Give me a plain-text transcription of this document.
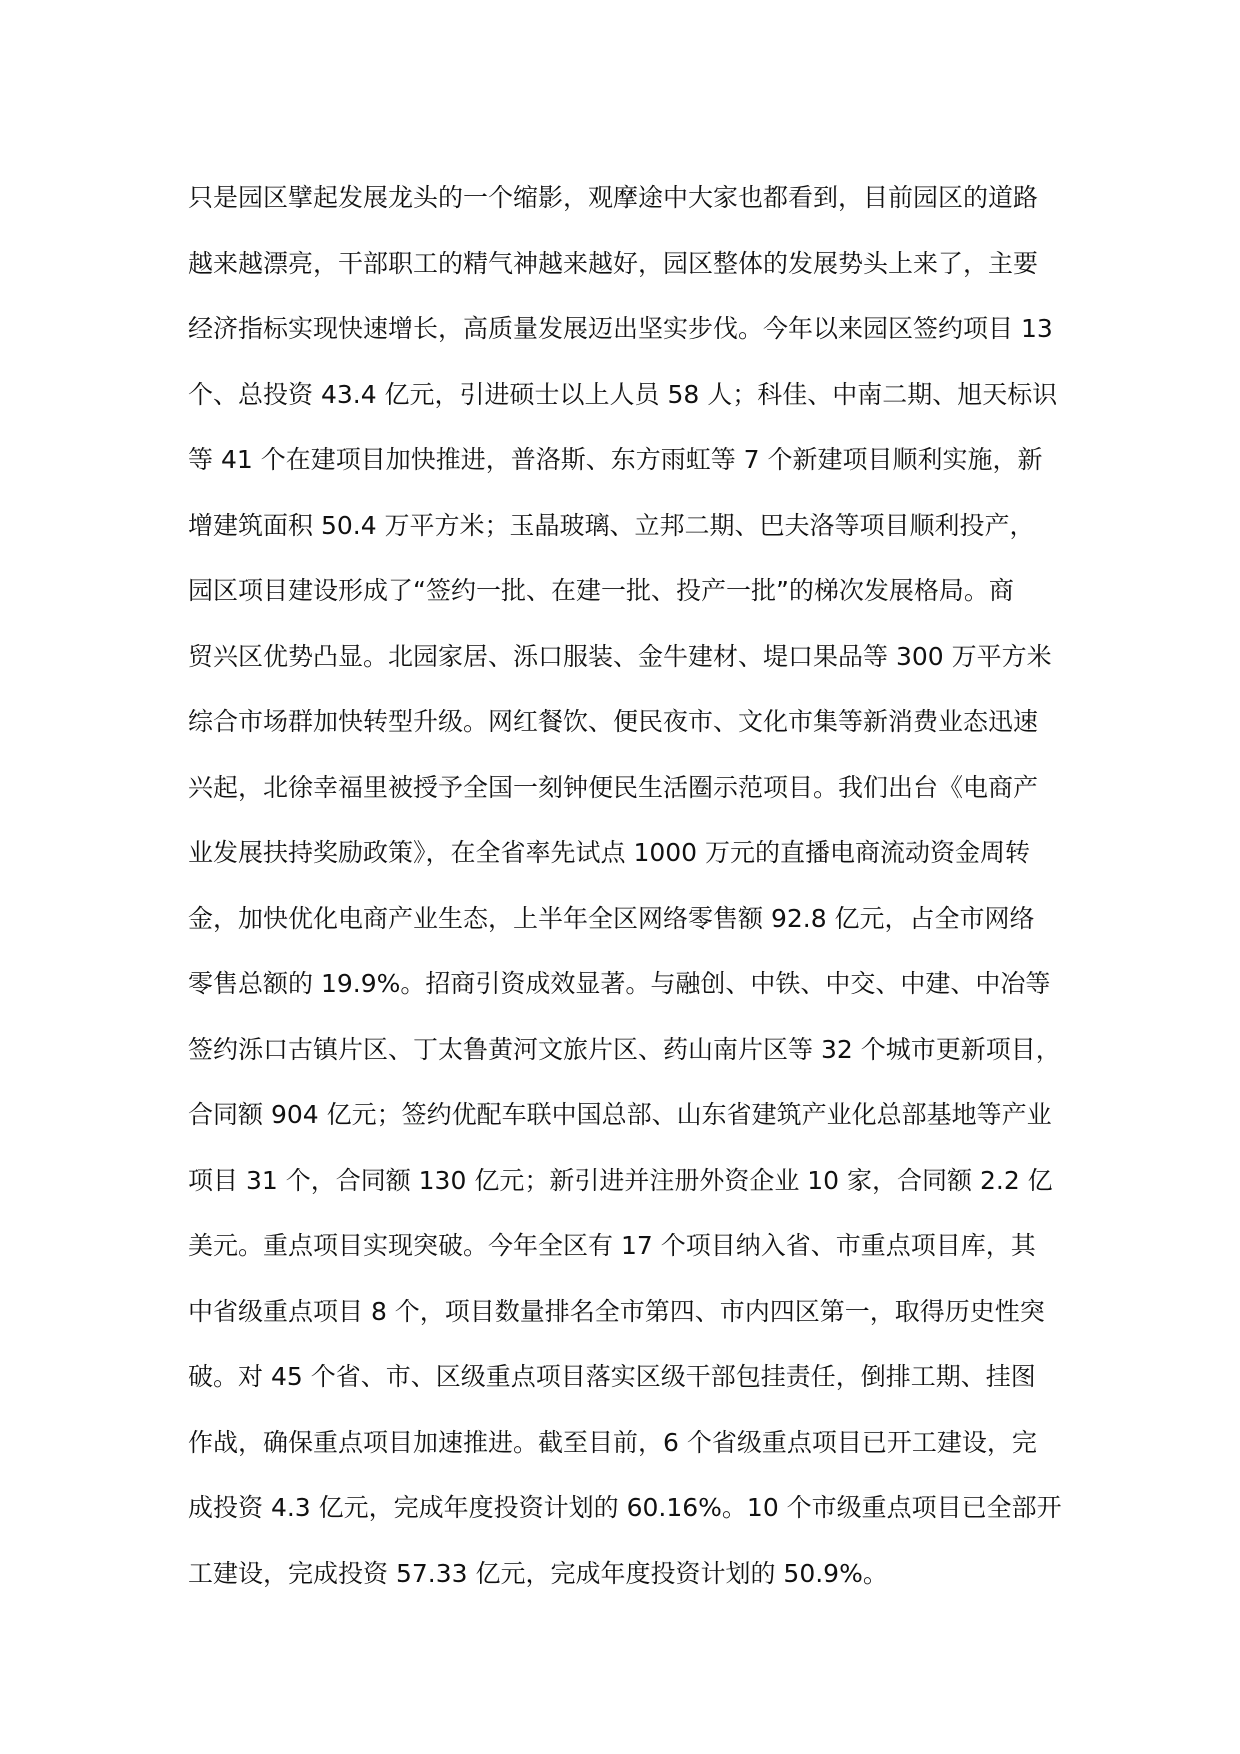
只是园区擘起发展龙头的一个缩影，观摩途中大家也都看到，目前园区的道路
越来越漂亮，干部职工的精气神越来越好，园区整体的发展势头上来了，主要
经济指标实现快速增长，高质量发展迈出坚实步伐。今年以来园区签约项目 13
个、总投资 43.4 亿元，引进硕士以上人员 58 人；科佳、中南二期、旭天标识
等 41 个在建项目加快推进，普洛斯、东方雨虹等 7 个新建项目顺利实施，新
增建筑面积 50.4 万平方米；玉晶玻璃、立邦二期、巴夫洛等项目顺利投产，
园区项目建设形成了“签约一批、在建一批、投产一批”的梯次发展格局。商
贸兴区优势凸显。北园家居、泺口服装、金牛建材、堤口果品等 300 万平方米
综合市场群加快转型升级。网红餐饮、便民夜市、文化市集等新消费业态迅速
兴起，北徐幸福里被授予全国一刻钟便民生活圈示范项目。我们出台《电商产
业发展扶持奖励政策》，在全省率先试点 1000 万元的直播电商流动资金周转
金，加快优化电商产业生态，上半年全区网络零售额 92.8 亿元，占全市网络
零售总额的 19.9%。招商引资成效显著。与融创、中铁、中交、中建、中冶等
签约泺口古镇片区、丁太鲁黄河文旅片区、药山南片区等 32 个城市更新项目，
合同额 904 亿元；签约优配车联中国总部、山东省建筑产业化总部基地等产业
项目 31 个，合同额 130 亿元；新引进并注册外资企业 10 家，合同额 2.2 亿
美元。重点项目实现突破。今年全区有 17 个项目纳入省、市重点项目库，其
中省级重点项目 8 个，项目数量排名全市第四、市内四区第一，取得历史性突
破。对 45 个省、市、区级重点项目落实区级干部包挂责任，倒排工期、挂图
作战，确保重点项目加速推进。截至目前，6 个省级重点项目已开工建设，完
成投资 4.3 亿元，完成年度投资计划的 60.16%。10 个市级重点项目已全部开
工建设，完成投资 57.33 亿元，完成年度投资计划的 50.9%。
